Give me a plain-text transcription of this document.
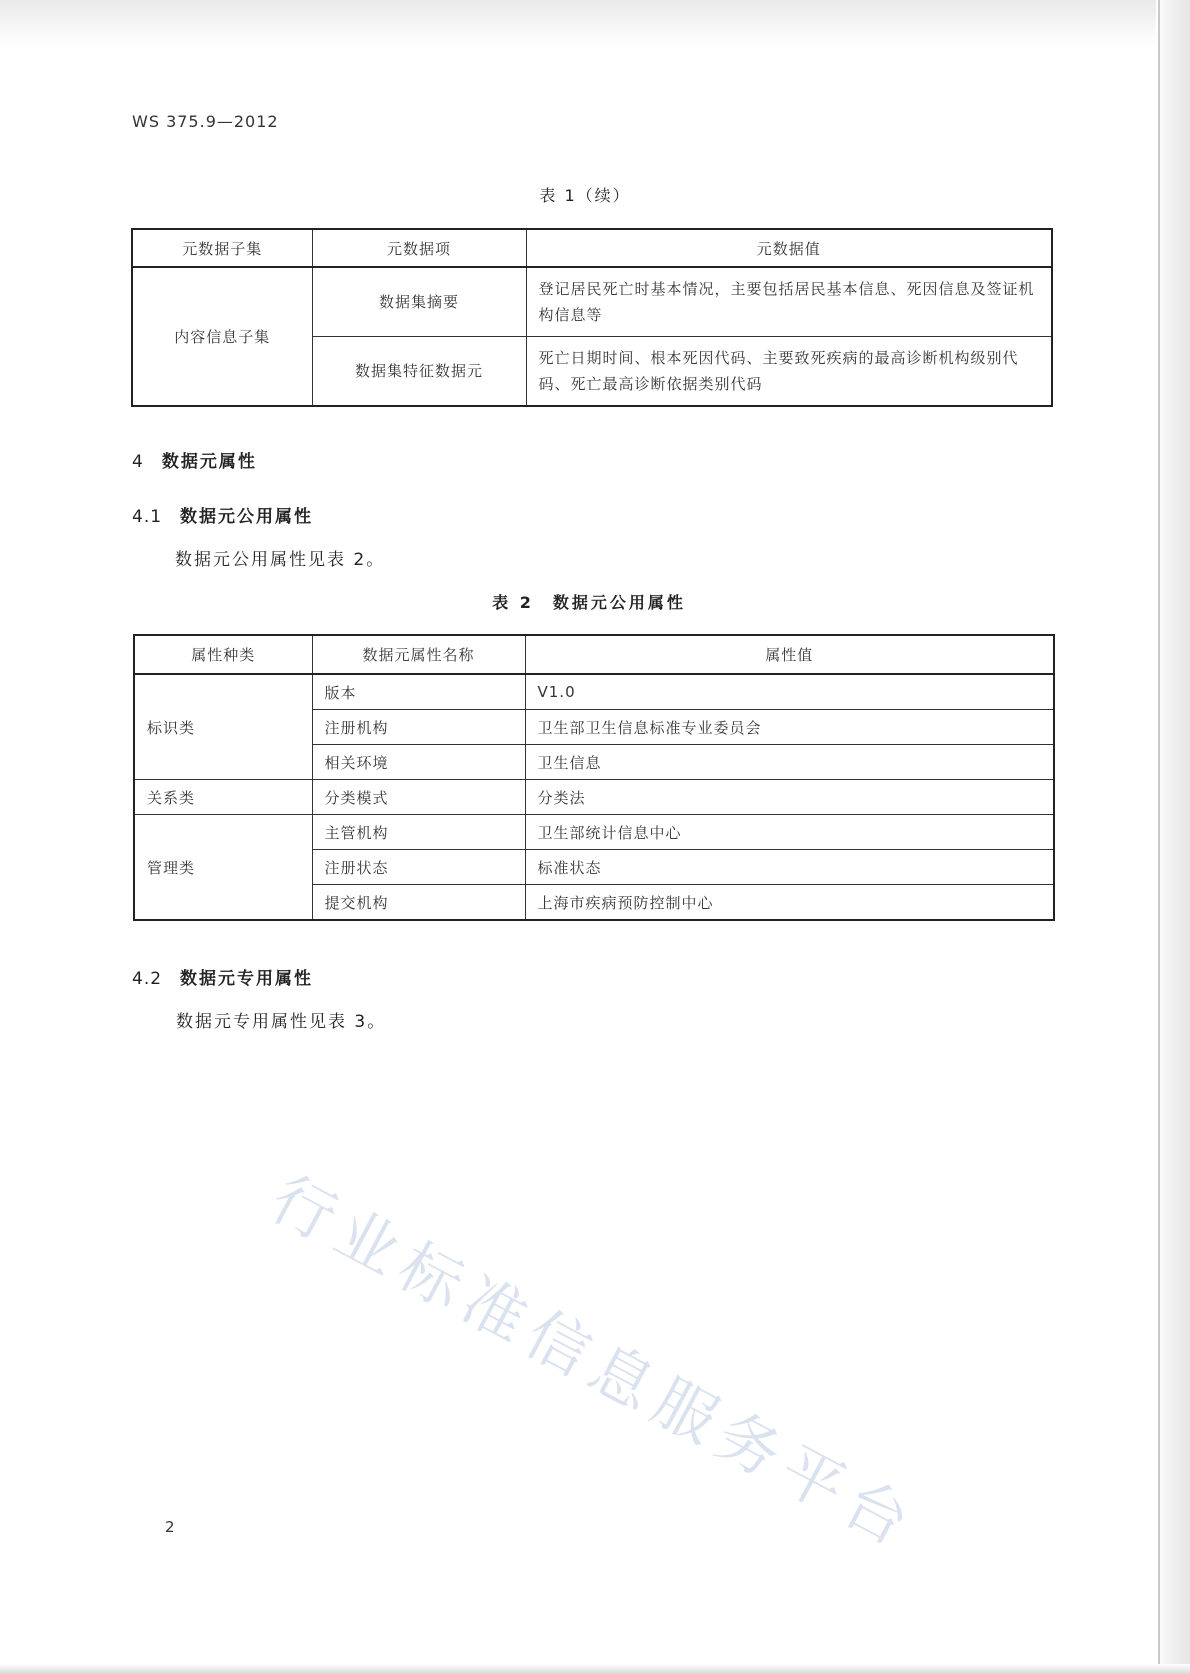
WS 375.9—2012
表 1（续）
元数据子集	元数据项	元数据值
内容信息子集	数据集摘要	登记居民死亡时基本情况，主要包括居民基本信息、死因信息及签证机构信息等
	数据集特征数据元	死亡日期时间、根本死因代码、主要致死疾病的最高诊断机构级别代码、死亡最高诊断依据类别代码
4 数据元属性
4.1 数据元公用属性
数据元公用属性见表 2。
表 2　数据元公用属性
属性种类	数据元属性名称	属性值
标识类	版本	V1.0
	注册机构	卫生部卫生信息标准专业委员会
	相关环境	卫生信息
关系类	分类模式	分类法
管理类	主管机构	卫生部统计信息中心
	注册状态	标准状态
	提交机构	上海市疾病预防控制中心
4.2 数据元专用属性
数据元专用属性见表 3。
行业标准信息服务平台
2
